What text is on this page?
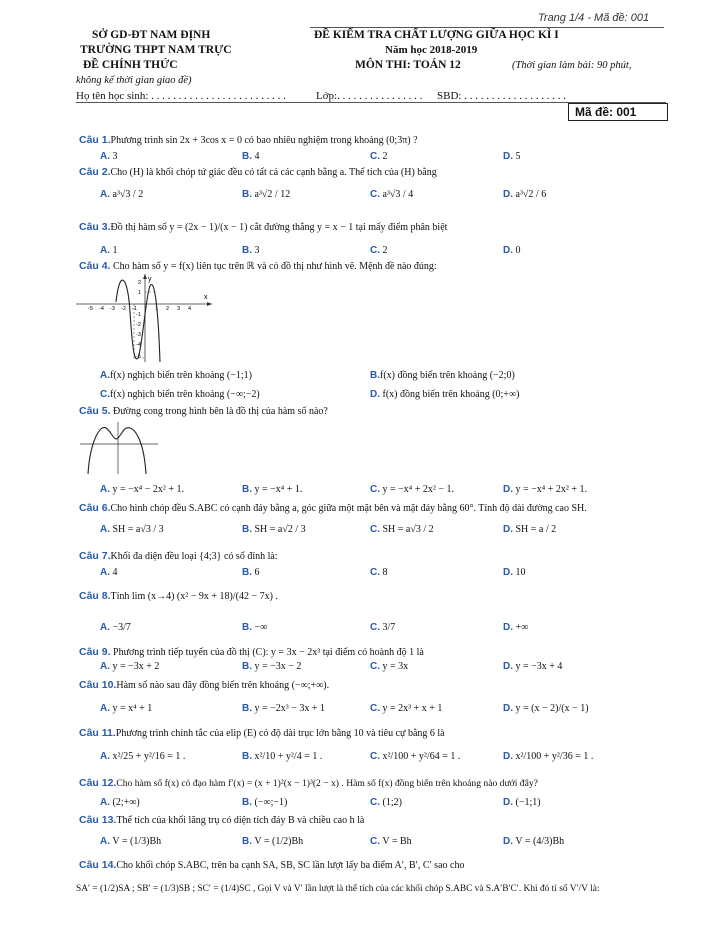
Trang 1/4 - Mã đề: 001
SỞ GD-ĐT NAM ĐỊNH
TRƯỜNG THPT NAM TRỰC
ĐỀ CHÍNH THỨC
ĐỀ KIỂM TRA CHẤT LƯỢNG GIỮA HỌC KÌ I
Năm học 2018-2019
MÔN THI: TOÁN 12	(Thời gian làm bài: 90 phút,
không kể thời gian giao đề)
Họ tên học sinh: . . . . . . . . . . . . . . . . . . . . . . . . .	Lớp:. . . . . . . . . . . . . . . . SBD: . . . . . . . . . . . . . . . . . . .
Mã đề: 001
Câu 1.Phương trình sin 2x + 3cos x = 0 có bao nhiêu nghiệm trong khoảng (0;3π) ?
A. 3	B. 4	C. 2	D. 5
Câu 2.Cho (H) là khối chóp tứ giác đều có tất cả các cạnh bằng a. Thể tích của (H) bằng
A. a³√3 / 2	B. a³√2 / 12	C. a³√3 / 4	D. a³√2 / 6
Câu 3.Đồ thị hàm số y = (2x − 1)/(x − 1) cắt đường thẳng y = x − 1 tại mấy điểm phân biệt
A. 1	B. 3	C. 2	D. 0
Câu 4. Cho hàm số y = f(x) liên tục trên ℝ và có đồ thị như hình vẽ. Mệnh đề nào đúng:
x
y
-5 -4 -3 -2 -1	1 2 3 4
2
1
-1
-2
-3
-4
-5
A.f(x) nghịch biến trên khoảng (−1;1)	B.f(x) đồng biến trên khoảng (−2;0)
C.f(x) nghịch biến trên khoảng (−∞;−2)	D. f(x) đồng biến trên khoảng (0;+∞)
Câu 5. Đường cong trong hình bên là đồ thị của hàm số nào?
A. y = −x⁴ − 2x² + 1.	B. y = −x⁴ + 1.	C. y = −x⁴ + 2x² − 1.	D. y = −x⁴ + 2x² + 1.
Câu 6.Cho hình chóp đều S.ABC có cạnh đáy bằng a, góc giữa một mặt bên và mặt đáy bằng 60°. Tính độ dài đường cao SH.
A. SH = a√3 / 3	B. SH = a√2 / 3	C. SH = a√3 / 2	D. SH = a / 2
Câu 7.Khối đa diện đều loại {4;3} có số đỉnh là:
A. 4	B. 6	C. 8	D. 10
Câu 8.Tính lim (x→4) (x² − 9x + 18)/(42 − 7x) .
A. −3/7	B. −∞	C. 3/7	D. +∞
Câu 9. Phương trình tiếp tuyến của đồ thị (C): y = 3x − 2x³ tại điểm có hoành độ 1 là
A. y = −3x + 2	B. y = −3x − 2	C. y = 3x	D. y = −3x + 4
Câu 10.Hàm số nào sau đây đồng biến trên khoảng (−∞;+∞).
A. y = x⁴ + 1	B. y = −2x³ − 3x + 1	C. y = 2x³ + x + 1	D. y = (x − 2)/(x − 1)
Câu 11.Phương trình chính tắc của elip (E) có độ dài trục lớn bằng 10 và tiêu cự bằng 6 là
A. x²/25 + y²/16 = 1 .	B. x²/10 + y²/4 = 1 .	C. x²/100 + y²/64 = 1 .	D. x²/100 + y²/36 = 1 .
Câu 12.Cho hàm số f(x) có đạo hàm f′(x) = (x + 1)²(x − 1)³(2 − x) . Hàm số f(x) đồng biến trên khoảng nào dưới đây?
A. (2;+∞)	B. (−∞;−1)	C. (1;2)	D. (−1;1)
Câu 13.Thể tích của khối lăng trụ có diện tích đáy B và chiều cao h là
A. V = (1/3)Bh	B. V = (1/2)Bh	C. V = Bh	D. V = (4/3)Bh
Câu 14.Cho khối chóp S.ABC, trên ba cạnh SA, SB, SC lần lượt lấy ba điểm A′, B′, C′ sao cho
SA′ = (1/2)SA ; SB′ = (1/3)SB ; SC′ = (1/4)SC , Gọi V và V′ lần lượt là thể tích của các khối chóp S.ABC và S.A′B′C′. Khi đó tỉ số V′/V là:
